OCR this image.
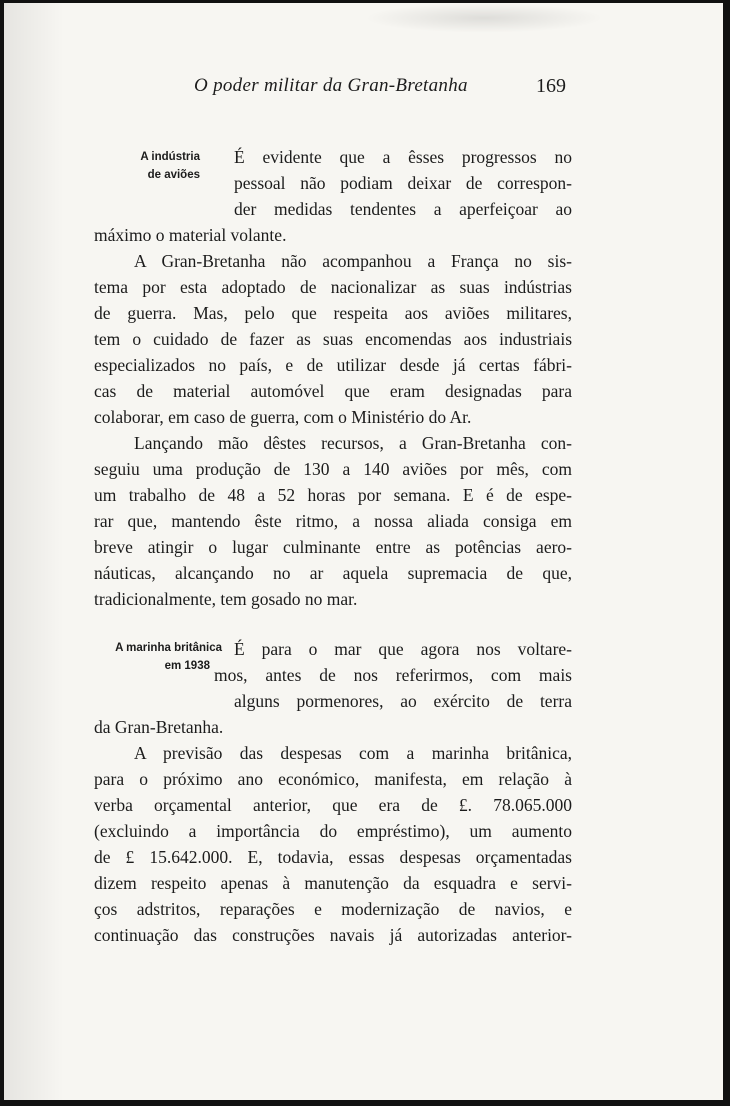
O poder militar da Gran-Bretanha	169
A indústria
de aviões
É evidente que a êsses progressos no
pessoal não podiam deixar de correspon-
der medidas tendentes a aperfeiçoar ao
máximo o material volante.
A Gran-Bretanha não acompanhou a França no sis-
tema por esta adoptado de nacionalizar as suas indústrias
de guerra. Mas, pelo que respeita aos aviões militares,
tem o cuidado de fazer as suas encomendas aos industriais
especializados no país, e de utilizar desde já certas fábri-
cas de material automóvel que eram designadas para
colaborar, em caso de guerra, com o Ministério do Ar.
Lançando mão dêstes recursos, a Gran-Bretanha con-
seguiu uma produção de 130 a 140 aviões por mês, com
um trabalho de 48 a 52 horas por semana. E é de espe-
rar que, mantendo êste ritmo, a nossa aliada consiga em
breve atingir o lugar culminante entre as potências aero-
náuticas, alcançando no ar aquela supremacia de que,
tradicionalmente, tem gosado no mar.
A marinha britânica
em 1938
É para o mar que agora nos voltare-
mos, antes de nos referirmos, com mais
alguns pormenores, ao exército de terra
da Gran-Bretanha.
A previsão das despesas com a marinha britânica,
para o próximo ano económico, manifesta, em relação à
verba orçamental anterior, que era de £. 78.065.000
(excluindo a importância do empréstimo), um aumento
de £ 15.642.000. E, todavia, essas despesas orçamentadas
dizem respeito apenas à manutenção da esquadra e servi-
ços adstritos, reparações e modernização de navios, e
continuação das construções navais já autorizadas anterior-
